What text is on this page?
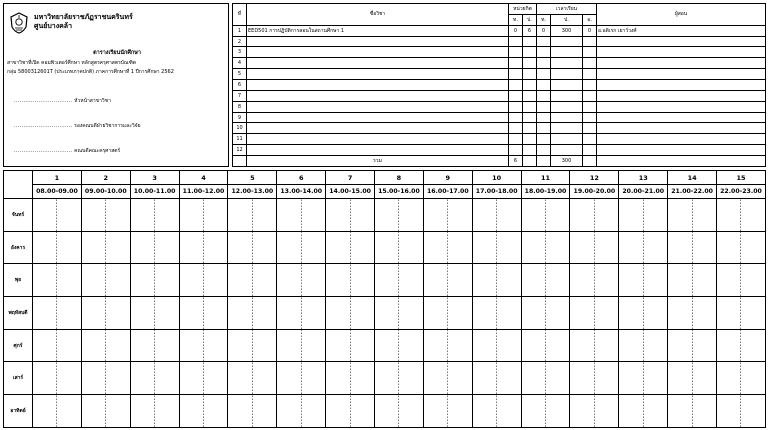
มหาวิทยาลัยราชภัฏราชนครินทร์
ศูนย์บางคล้า
ตารางเรียนนักศึกษา
สาขาวิชาที่เปิด คอมพิวเตอร์ศึกษา หลักสูตรครุศาสตรบัณฑิต
กลุ่ม 5800312601T (ประเภทภาคปกติ) ภาคการศึกษาที่ 1 ปีการศึกษา 2562
............................... หัวหน้าสาขาวิชา
............................... รองคณบดีฝ่ายวิชาการและวิจัย
............................... คณบดีคณะครุศาสตร์
ที่	ชื่อวิชา	หน่วยกิต		เวลาเรียน			ผู้สอน
		ท.	ป.	ท.	ป.	อ.	
1	EED501 การปฏิบัติการสอนในสถานศึกษา 1	0	6	0	300	0	อ.อดิเรก เยาว์วงศ์
2							
3							
4							
5							
6							
7							
8							
9							
10							
11							
12							
	รวม	6			300		
	1	2	3	4	5	6	7	8	9	10	11	12	13	14	15
	08.00-09.00	09.00-10.00	10.00-11.00	11.00-12.00	12.00-13.00	13.00-14.00	14.00-15.00	15.00-16.00	16.00-17.00	17.00-18.00	18.00-19.00	19.00-20.00	20.00-21.00	21.00-22.00	22.00-23.00
จันทร์															
อังคาร															
พุธ															
พฤหัสบดี															
ศุกร์															
เสาร์															
อาทิตย์															
